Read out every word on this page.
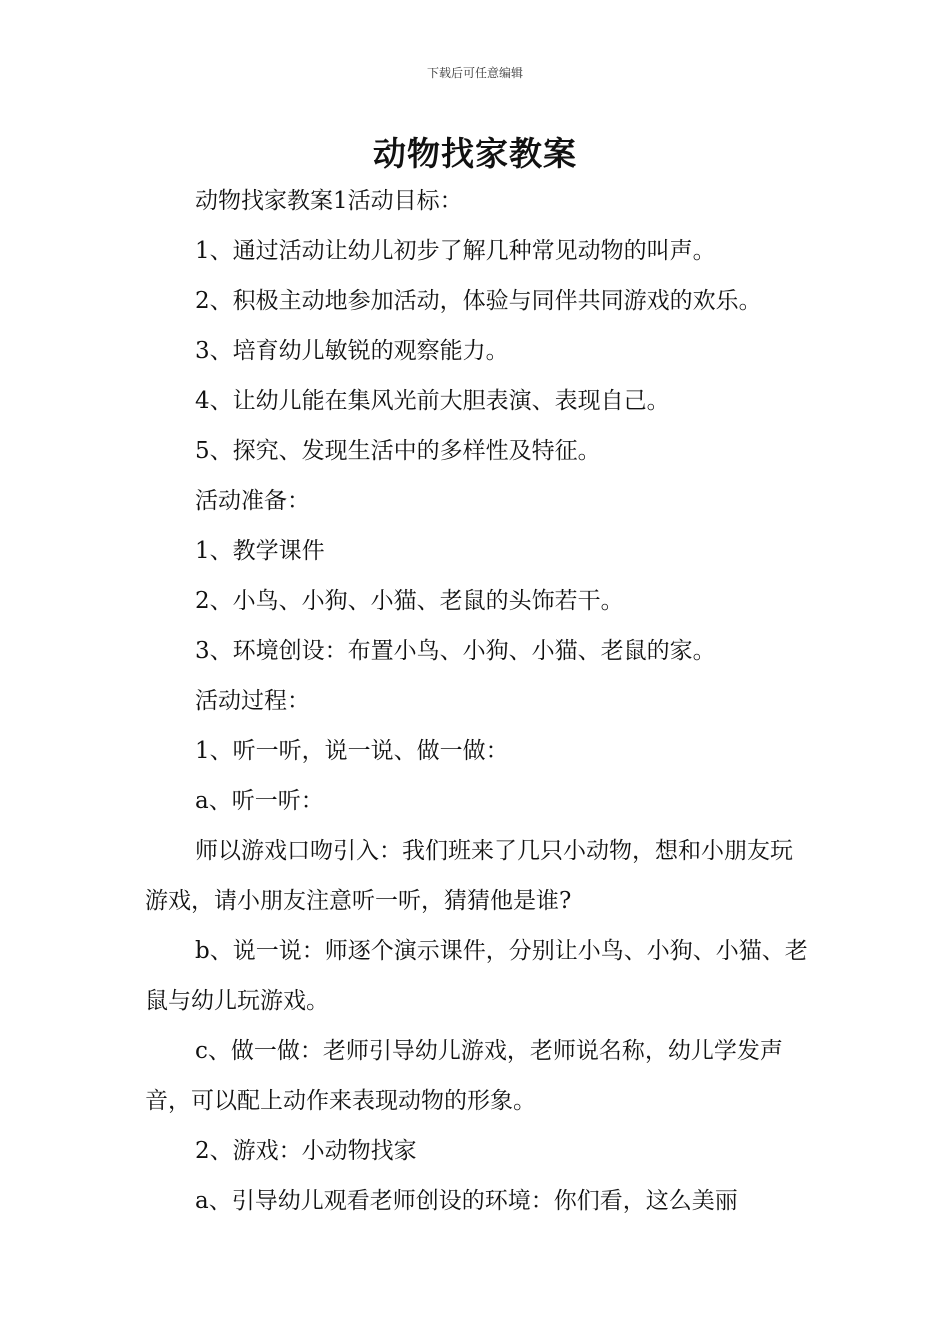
下载后可任意编辑
动物找家教案

动物找家教案1活动目标：

1、通过活动让幼儿初步了解几种常见动物的叫声。

2、积极主动地参加活动，体验与同伴共同游戏的欢乐。

3、培育幼儿敏锐的观察能力。

4、让幼儿能在集风光前大胆表演、表现自己。

5、探究、发现生活中的多样性及特征。

活动准备：

1、教学课件

2、小鸟、小狗、小猫、老鼠的头饰若干。

3、环境创设：布置小鸟、小狗、小猫、老鼠的家。

活动过程：

1、听一听，说一说、做一做：

a、听一听：

师以游戏口吻引入：我们班来了几只小动物，想和小朋友玩游戏，请小朋友注意听一听，猜猜他是谁?

b、说一说：师逐个演示课件，分别让小鸟、小狗、小猫、老鼠与幼儿玩游戏。

c、做一做：老师引导幼儿游戏，老师说名称，幼儿学发声音，可以配上动作来表现动物的形象。

2、游戏：小动物找家

a、引导幼儿观看老师创设的环境：你们看，这么美丽
